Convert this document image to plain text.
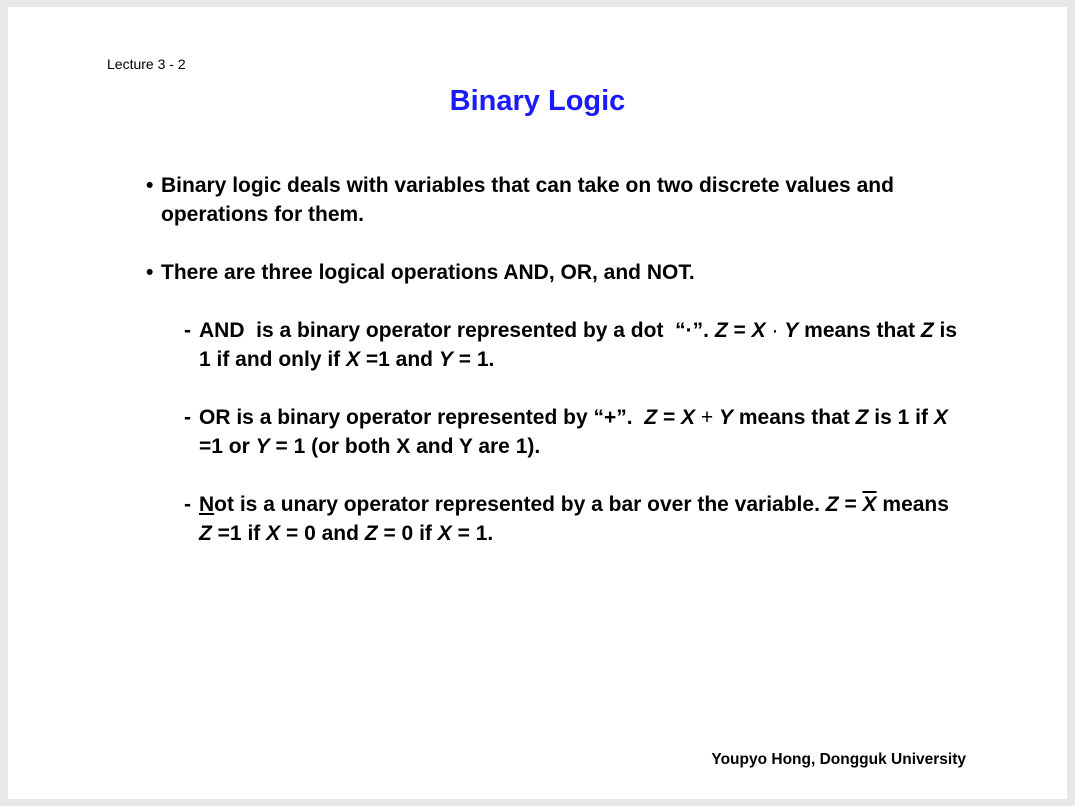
Lecture 3 - 2
Binary Logic
• Binary logic deals with variables that can take on two discrete values and operations for them.
• There are three logical operations AND, OR, and NOT.
- AND is a binary operator represented by a dot “·”. Z = X · Y means that Z is 1 if and only if X =1 and Y = 1.
- OR is a binary operator represented by “+”. Z = X + Y means that Z is 1 if X =1 or Y = 1 (or both X and Y are 1).
- Not is a unary operator represented by a bar over the variable. $Z = \overline{X}$ means Z =1 if X = 0 and Z = 0 if X = 1.
Youpyo Hong, Dongguk University
